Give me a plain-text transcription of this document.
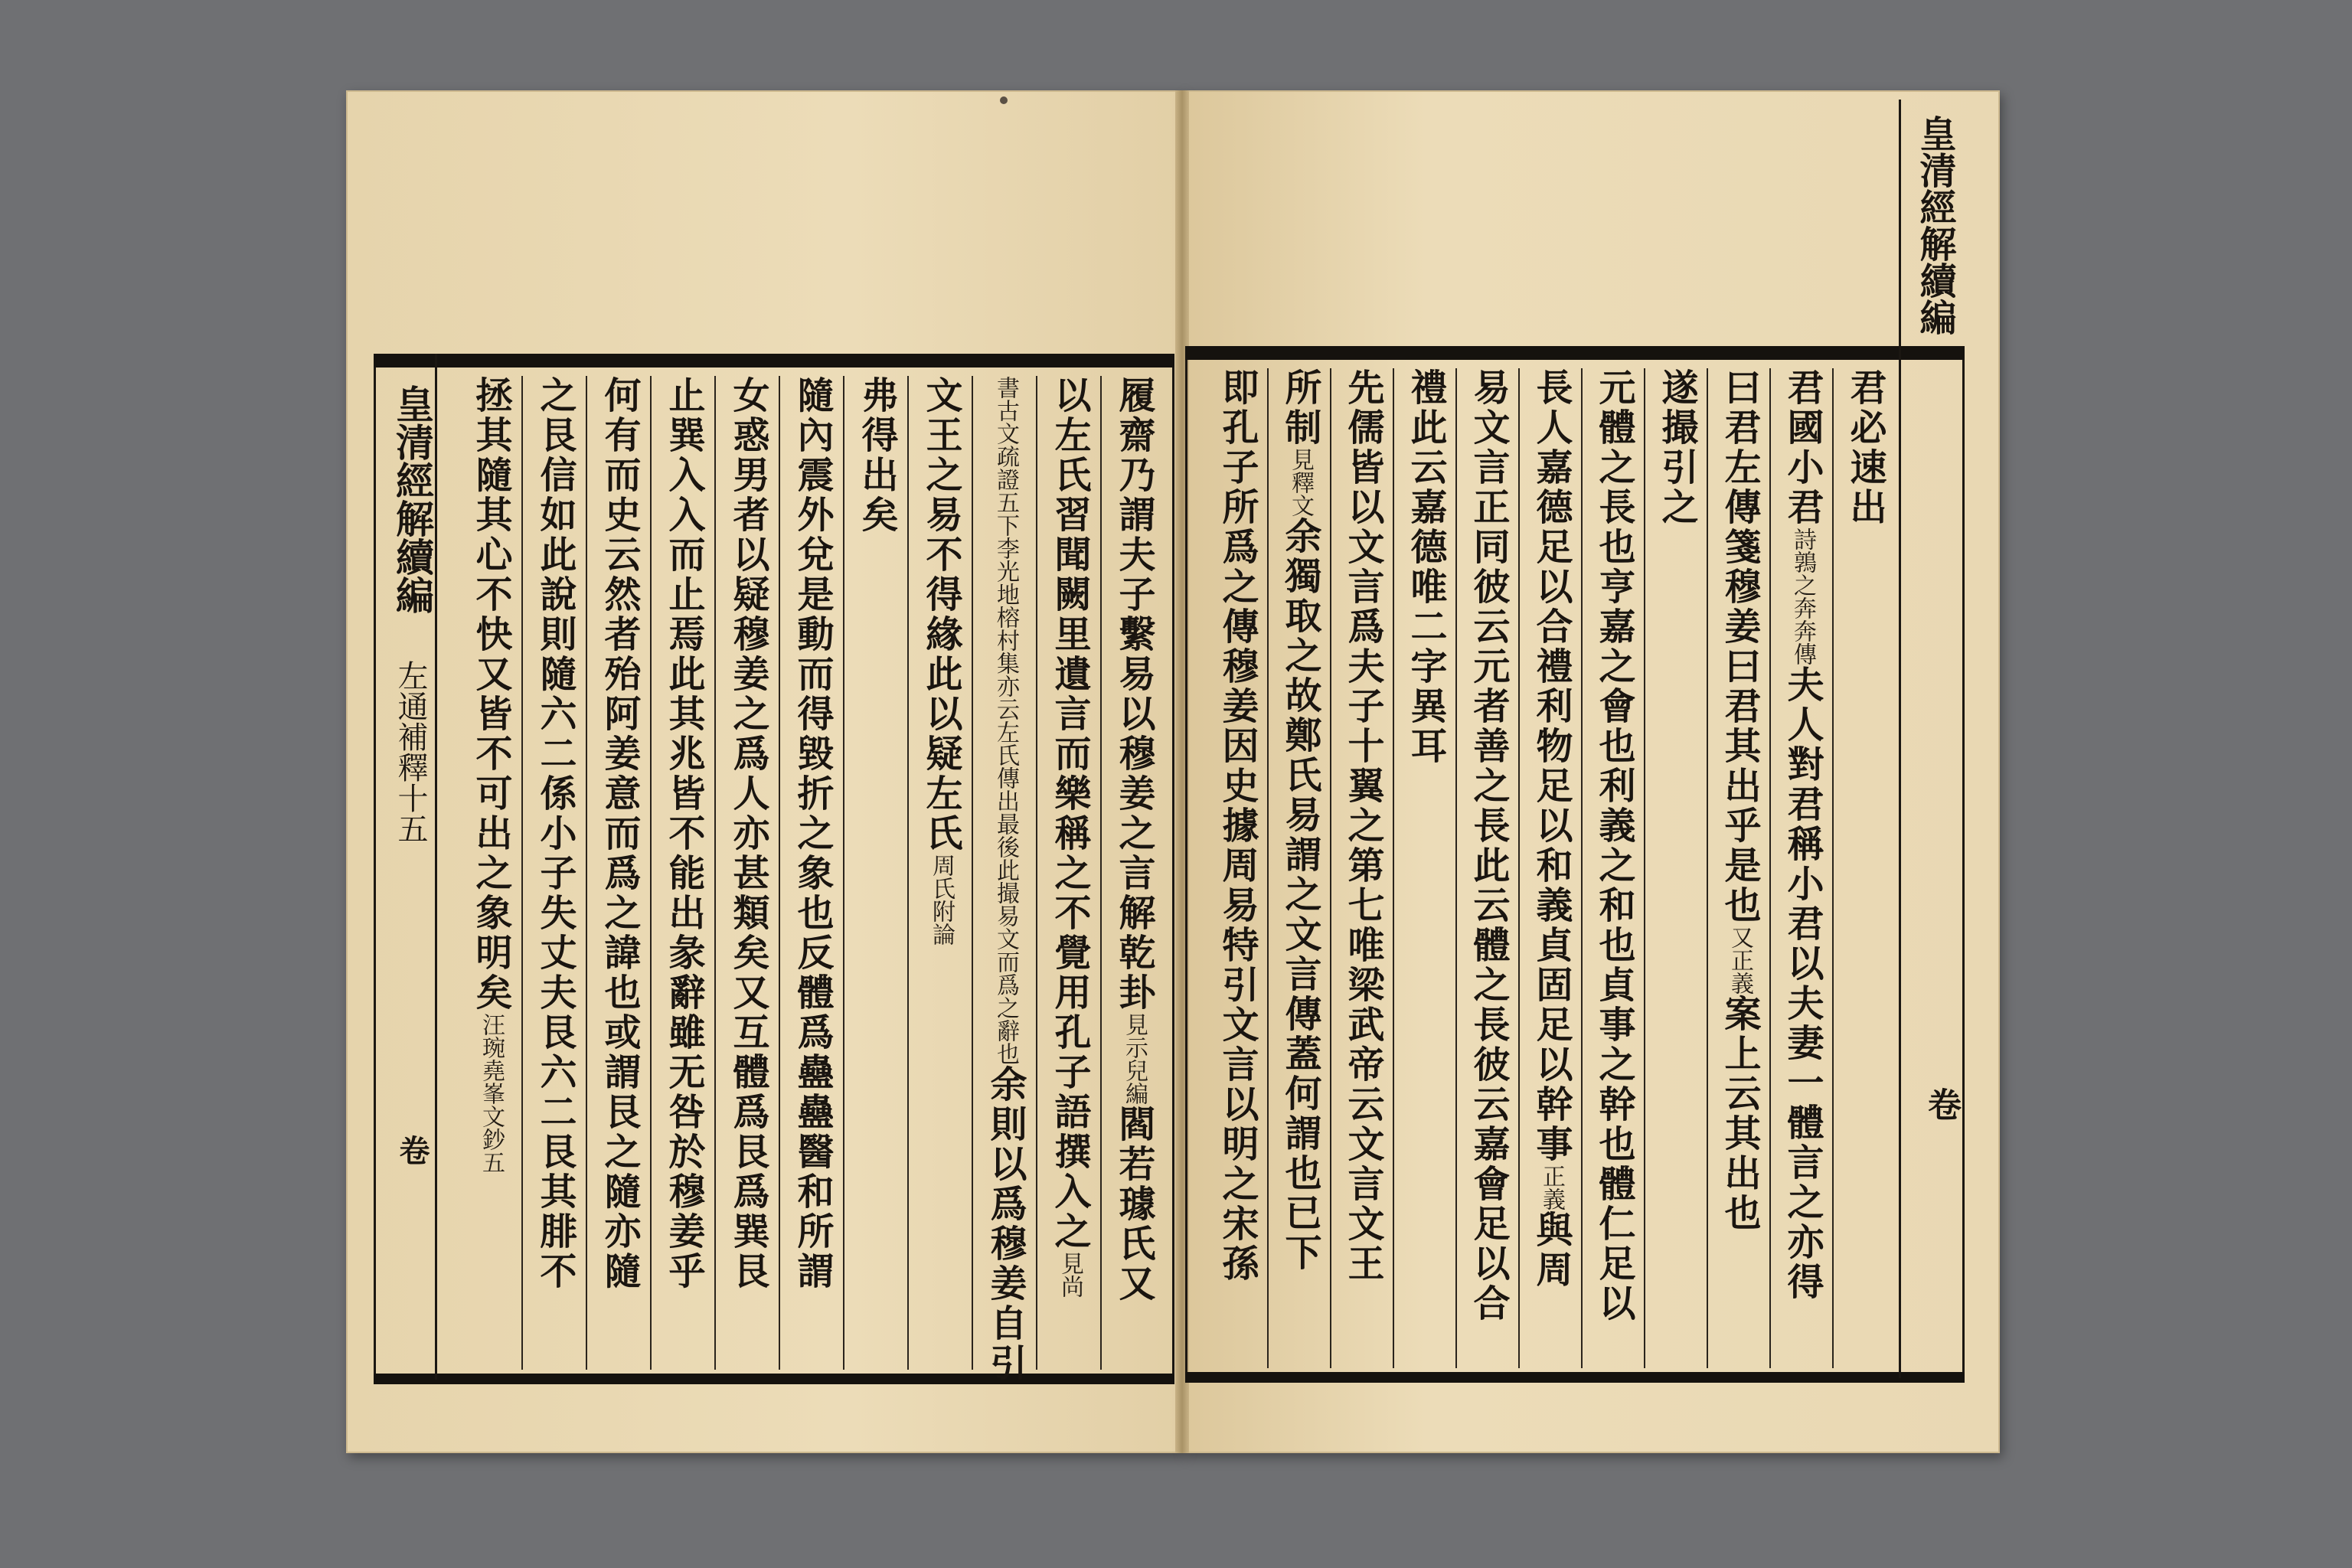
履齋乃謂夫子繫易以穆姜之言解乾卦
見示兒編
閻若璩氏又
以左氏習聞闕里遺言而樂稱之不覺用孔子語撰入之
見尚
書古文疏證五下李光地榕村集亦云左氏傳出最後此撮易文而爲之辭也
余則以爲穆姜自引
文王之易不得緣此以疑左氏
周氏附論
弗得出矣
隨內震外兌是動而得毀折之象也反體爲蠱蠱醫和所謂
女惑男者以疑穆姜之爲人亦甚類矣又互體爲艮爲巽艮
止巽入入而止焉此其兆皆不能出彖辭雖无咎於穆姜乎
何有而史云然者殆阿姜意而爲之諱也或謂艮之隨亦隨
之艮信如此說則隨六二係小子失丈夫艮六二艮其腓不
拯其隨其心不快又皆不可出之象明矣
汪琬堯峯文鈔五
皇清經解續編
左通補釋十五
卷
君必速出
君國小君
詩鶉之奔奔傳
夫人對君稱小君以夫妻一體言之亦得
曰君左傳箋穆姜曰君其出乎是也
又正義
案上云其出也
遂撮引之
元體之長也亨嘉之會也利義之和也貞事之幹也體仁足以
長人嘉德足以合禮利物足以和義貞固足以幹事
正義
與周
易文言正同彼云元者善之長此云體之長彼云嘉會足以合
禮此云嘉德唯二字異耳
先儒皆以文言爲夫子十翼之第七唯梁武帝云文言文王
所制
見釋文
余獨取之故鄭氏易謂之文言傳蓋何謂也已下
即孔子所爲之傳穆姜因史據周易特引文言以明之宋孫
皇清經解續編
卷
